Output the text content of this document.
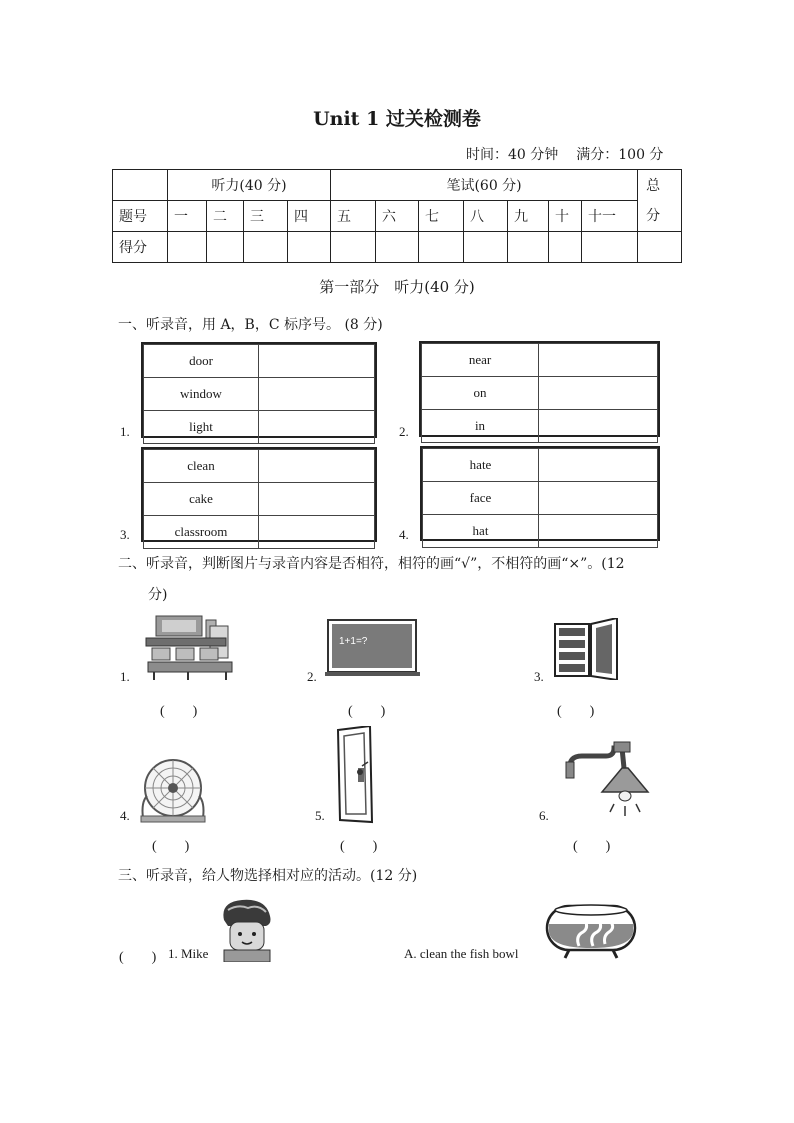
Unit 1 过关检测卷
时间：40 分钟 满分：100 分
	听力(40 分)				笔试(60 分)							总
分
题号	一	二	三	四	五	六	七	八	九	十	十一	
得分												
第一部分　听力(40 分)
一、听录音，用 A，B，C 标序号。 (8 分)
1.
door	
window	
light		2.
near	
on	
in	
3.
clean	
cake	
classroom		4.
hate	
face	
hat	
二、听录音，判断图片与录音内容是否相符，相符的画“√”，不相符的画“×”。(12
分)
1.
(　　)
2.
1+1=?
(　　)
3.
(　　)
4.
(　　)
5.
(　　)
6.
(　　)
三、听录音，给人物选择相对应的活动。(12 分)
(　　) 1. Mike	A. clean the fish bowl
